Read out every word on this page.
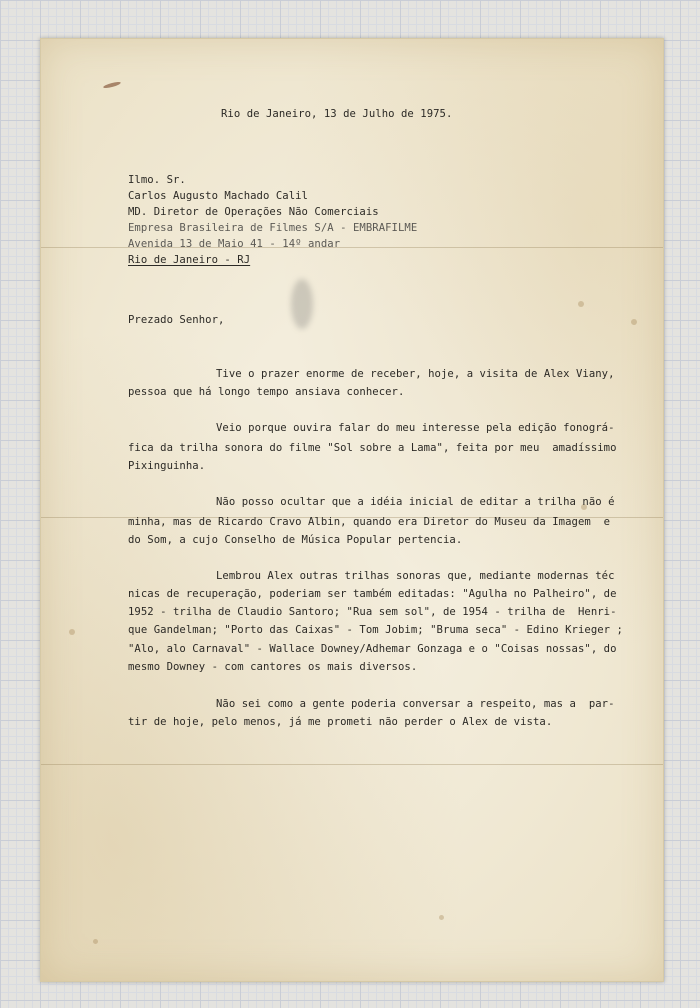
Rio de Janeiro, 13 de Julho de 1975.
Ilmo. Sr.
Carlos Augusto Machado Calil
MD. Diretor de Operações Não Comerciais
Empresa Brasileira de Filmes S/A - EMBRAFILME
Avenida 13 de Maio 41 - 14º andar
Rio de Janeiro - RJ
Prezado Senhor,
Tive o prazer enorme de receber, hoje, a visita de Alex Viany,
pessoa que há longo tempo ansiava conhecer.
Veio porque ouvira falar do meu interesse pela edição fonográ-
fica da trilha sonora do filme "Sol sobre a Lama", feita por meu  amadíssimo
Pixinguinha.
Não posso ocultar que a idéia inicial de editar a trilha não é
minha, mas de Ricardo Cravo Albin, quando era Diretor do Museu da Imagem  e
do Som, a cujo Conselho de Música Popular pertencia.
Lembrou Alex outras trilhas sonoras que, mediante modernas téc
nicas de recuperação, poderiam ser também editadas: "Agulha no Palheiro", de
1952 - trilha de Claudio Santoro; "Rua sem sol", de 1954 - trilha de  Henri-
que Gandelman; "Porto das Caixas" - Tom Jobim; "Bruma seca" - Edino Krieger ;
"Alo, alo Carnaval" - Wallace Downey/Adhemar Gonzaga e o "Coisas nossas", do
mesmo Downey - com cantores os mais diversos.
Não sei como a gente poderia conversar a respeito, mas a  par-
tir de hoje, pelo menos, já me prometi não perder o Alex de vista.
